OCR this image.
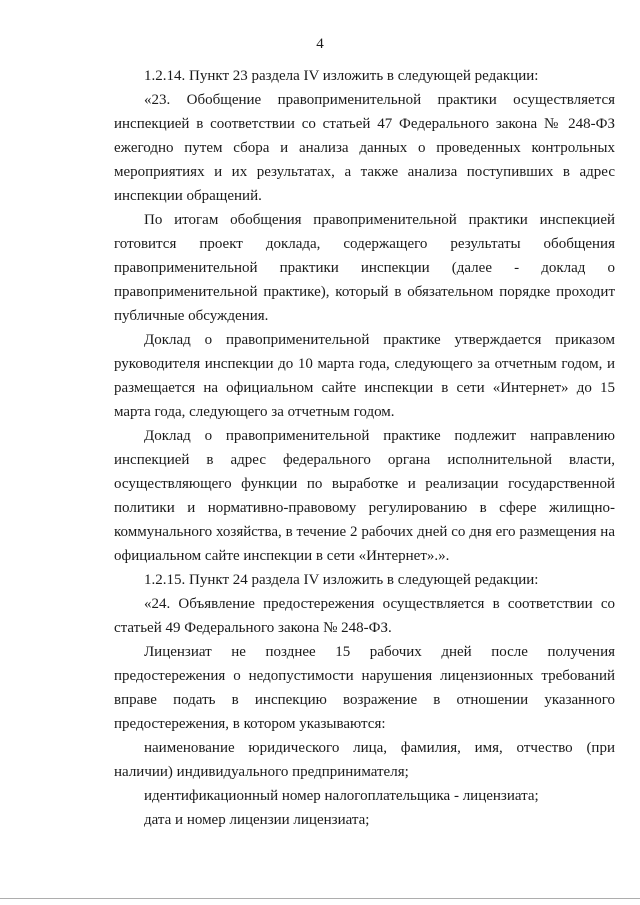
4

1.2.14. Пункт 23 раздела IV изложить в следующей редакции:

«23. Обобщение правоприменительной практики осуществляется инспекцией в соответствии со статьей 47 Федерального закона № 248-ФЗ ежегодно путем сбора и анализа данных о проведенных контрольных мероприятиях и их результатах, а также анализа поступивших в адрес инспекции обращений.

По итогам обобщения правоприменительной практики инспекцией готовится проект доклада, содержащего результаты обобщения правоприменительной практики инспекции (далее - доклад о правоприменительной практике), который в обязательном порядке проходит публичные обсуждения.

Доклад о правоприменительной практике утверждается приказом руководителя инспекции до 10 марта года, следующего за отчетным годом, и размещается на официальном сайте инспекции в сети «Интернет» до 15 марта года, следующего за отчетным годом.

Доклад о правоприменительной практике подлежит направлению инспекцией в адрес федерального органа исполнительной власти, осуществляющего функции по выработке и реализации государственной политики и нормативно-правовому регулированию в сфере жилищно-коммунального хозяйства, в течение 2 рабочих дней со дня его размещения на официальном сайте инспекции в сети «Интернет».».

1.2.15. Пункт 24 раздела IV изложить в следующей редакции:

«24. Объявление предостережения осуществляется в соответствии со статьей 49 Федерального закона № 248-ФЗ.

Лицензиат не позднее 15 рабочих дней после получения предостережения о недопустимости нарушения лицензионных требований вправе подать в инспекцию возражение в отношении указанного предостережения, в котором указываются:

наименование юридического лица, фамилия, имя, отчество (при наличии) индивидуального предпринимателя;

идентификационный номер налогоплательщика - лицензиата;

дата и номер лицензии лицензиата;
